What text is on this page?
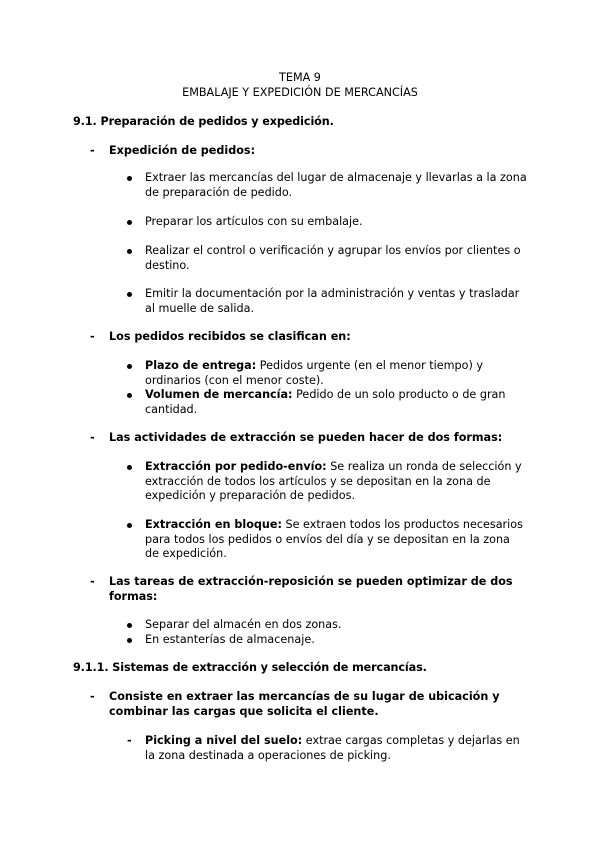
TEMA 9
EMBALAJE Y EXPEDICIÓN DE MERCANCÍAS
9.1. Preparación de pedidos y expedición.
- Expedición de pedidos:
Extraer las mercancías del lugar de almacenaje y llevarlas a la zona de preparación de pedido.
Preparar los artículos con su embalaje.
Realizar el control o verificación y agrupar los envíos por clientes o destino.
Emitir la documentación por la administración y ventas y trasladar al muelle de salida.
- Los pedidos recibidos se clasifican en:
Plazo de entrega: Pedidos urgente (en el menor tiempo) y ordinarios (con el menor coste).
Volumen de mercancía: Pedido de un solo producto o de gran cantidad.
- Las actividades de extracción se pueden hacer de dos formas:
Extracción por pedido-envío: Se realiza un ronda de selección y extracción de todos los artículos y se depositan en la zona de expedición y preparación de pedidos.
Extracción en bloque: Se extraen todos los productos necesarios para todos los pedidos o envíos del día y se depositan en la zona de expedición.
- Las tareas de extracción-reposición se pueden optimizar de dos formas:
Separar del almacén en dos zonas.
En estanterías de almacenaje.
9.1.1. Sistemas de extracción y selección de mercancías.
- Consiste en extraer las mercancías de su lugar de ubicación y combinar las cargas que solicita el cliente.
- Picking a nivel del suelo: extrae cargas completas y dejarlas en la zona destinada a operaciones de picking.
